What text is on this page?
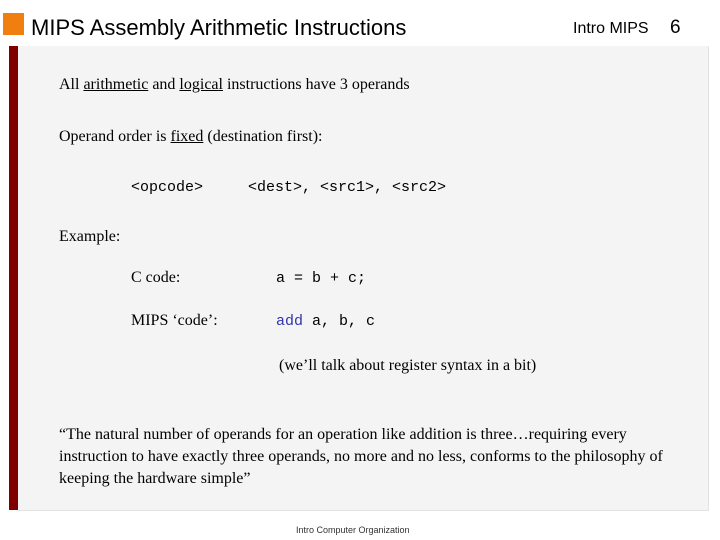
MIPS Assembly Arithmetic Instructions	Intro MIPS 6
All arithmetic and logical instructions have 3 operands
Operand order is fixed (destination first):
<opcode>	<dest>, <src1>, <src2>
Example:
C code:	a = b + c;
MIPS ‘code’:	add a, b, c
(we’ll talk about register syntax in a bit)
“The natural number of operands for an operation like addition is three…requiring every instruction to have exactly three operands, no more and no less, conforms to the philosophy of keeping the hardware simple”
Intro Computer Organization
